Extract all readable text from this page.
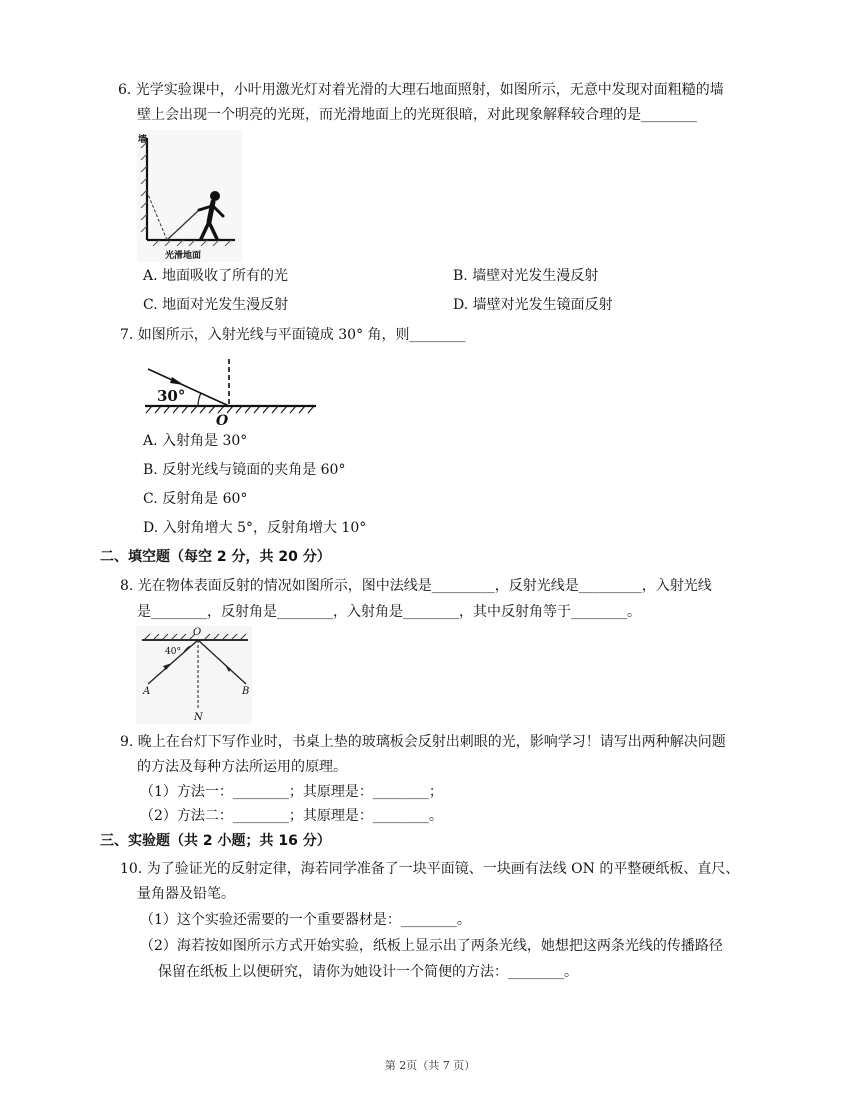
6. 光学实验课中，小叶用激光灯对着光滑的大理石地面照射，如图所示，无意中发现对面粗糙的墙
壁上会出现一个明亮的光斑，而光滑地面上的光斑很暗，对此现象解释较合理的是________
墙
光滑地面
A. 地面吸收了所有的光	B. 墙壁对光发生漫反射
C. 地面对光发生漫反射	D. 墙壁对光发生镜面反射
7. 如图所示，入射光线与平面镜成 30° 角，则________
30°
O
A. 入射角是 30°
B. 反射光线与镜面的夹角是 60°
C. 反射角是 60°
D. 入射角增大 5°，反射角增大 10°
二、填空题（每空 2 分，共 20 分）
8. 光在物体表面反射的情况如图所示，图中法线是_________，反射光线是_________，入射光线
是________，反射角是________，入射角是________，其中反射角等于________。
O
40°
A	B
N
9. 晚上在台灯下写作业时，书桌上垫的玻璃板会反射出刺眼的光，影响学习！请写出两种解决问题
的方法及每种方法所运用的原理。
（1）方法一：________；其原理是：________；
（2）方法二：________；其原理是：________。
三、实验题（共 2 小题；共 16 分）
10. 为了验证光的反射定律，海若同学准备了一块平面镜、一块画有法线 ON 的平整硬纸板、直尺、
量角器及铅笔。
（1）这个实验还需要的一个重要器材是：________。
（2）海若按如图所示方式开始实验，纸板上显示出了两条光线，她想把这两条光线的传播路径
保留在纸板上以便研究，请你为她设计一个简便的方法：________。
第 2页（共 7 页）
